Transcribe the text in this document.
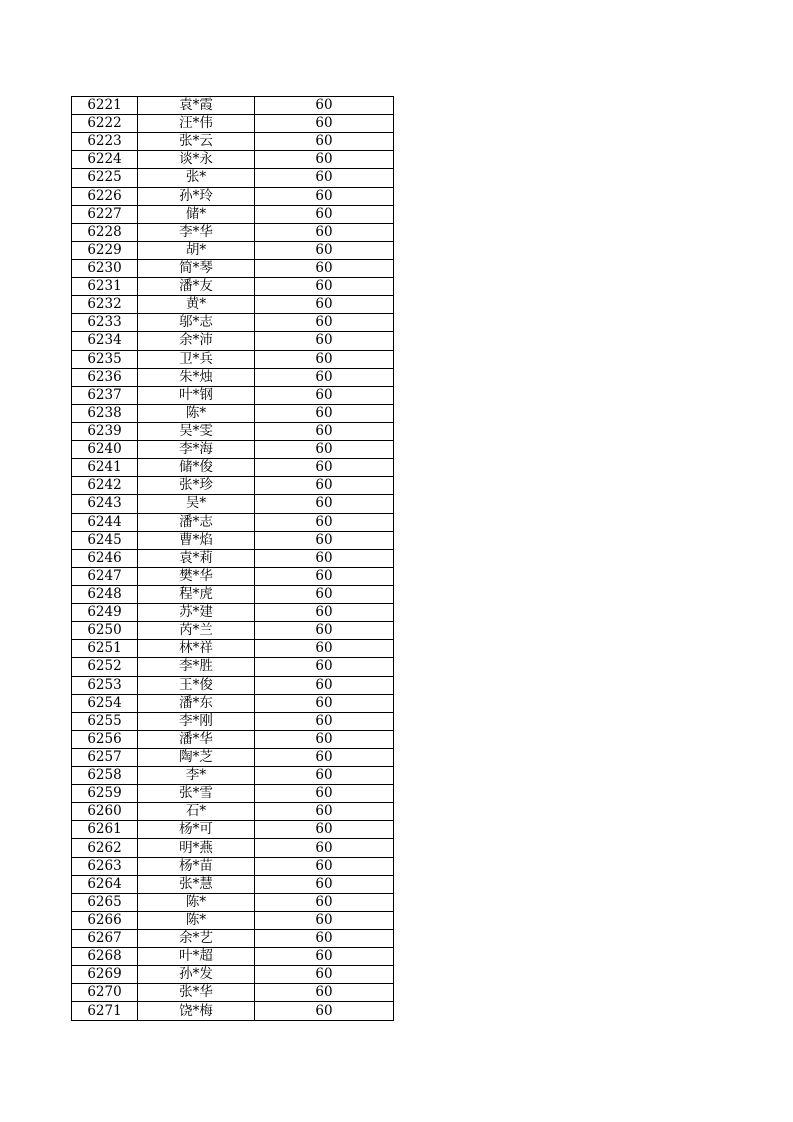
6221	袁*霞	60
6222	汪*伟	60
6223	张*云	60
6224	谈*永	60
6225	张*	60
6226	孙*玲	60
6227	储*	60
6228	李*华	60
6229	胡*	60
6230	简*琴	60
6231	潘*友	60
6232	黄*	60
6233	邬*志	60
6234	余*沛	60
6235	卫*兵	60
6236	朱*烛	60
6237	叶*钢	60
6238	陈*	60
6239	吴*雯	60
6240	李*海	60
6241	储*俊	60
6242	张*珍	60
6243	吴*	60
6244	潘*志	60
6245	曹*焰	60
6246	袁*莉	60
6247	樊*华	60
6248	程*虎	60
6249	苏*建	60
6250	芮*兰	60
6251	林*祥	60
6252	李*胜	60
6253	王*俊	60
6254	潘*东	60
6255	李*刚	60
6256	潘*华	60
6257	陶*芝	60
6258	李*	60
6259	张*雪	60
6260	石*	60
6261	杨*可	60
6262	明*燕	60
6263	杨*苗	60
6264	张*慧	60
6265	陈*	60
6266	陈*	60
6267	余*艺	60
6268	叶*超	60
6269	孙*发	60
6270	张*华	60
6271	饶*梅	60
